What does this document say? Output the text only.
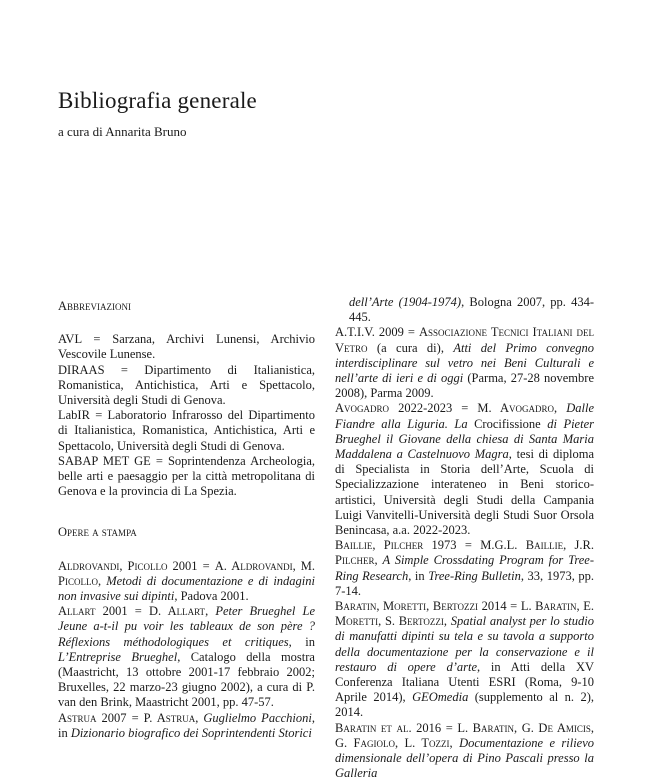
Bibliografia generale
a cura di Annarita Bruno
Abbreviazioni

AVL = Sarzana, Archivi Lunensi, Archivio Vescovile Lunense.

DIRAAS = Dipartimento di Italianistica, Romanistica, Antichistica, Arti e Spettacolo, Università degli Studi di Genova.

LabIR = Laboratorio Infrarosso del Dipartimento di Italianistica, Romanistica, Antichistica, Arti e Spettacolo, Università degli Studi di Genova.

SABAP MET GE = Soprintendenza Archeologia, belle arti e paesaggio per la città metropolitana di Genova e la provincia di La Spezia.

Opere a stampa

Aldrovandi, Picollo 2001 = A. Aldrovandi, M. Picollo, Metodi di documentazione e di indagini non invasive sui dipinti, Padova 2001.

Allart 2001 = D. Allart, Peter Brueghel Le Jeune a-t-il pu voir les tableaux de son père ? Réflexions méthodologiques et critiques, in L’Entreprise Brueghel, Catalogo della mostra (Maastricht, 13 ottobre 2001-17 febbraio 2002; Bruxelles, 22 marzo-23 giugno 2002), a cura di P. van den Brink, Maastricht 2001, pp. 47-57.

Astrua 2007 = P. Astrua, Guglielmo Pacchioni, in Dizionario biografico dei Soprintendenti Storici

dell’Arte (1904-1974), Bologna 2007, pp. 434-445.

A.T.I.V. 2009 = Associazione Tecnici Italiani del Vetro (a cura di), Atti del Primo convegno interdisciplinare sul vetro nei Beni Culturali e nell’arte di ieri e di oggi (Parma, 27-28 novembre 2008), Parma 2009.

Avogadro 2022-2023 = M. Avogadro, Dalle Fiandre alla Liguria. La Crocifissione di Pieter Brueghel il Giovane della chiesa di Santa Maria Maddalena a Castelnuovo Magra, tesi di diploma di Specialista in Storia dell’Arte, Scuola di Specializzazione interateneo in Beni storico-artistici, Università degli Studi della Campania Luigi Vanvitelli-Università degli Studi Suor Orsola Benincasa, a.a. 2022-2023.

Baillie, Pilcher 1973 = M.G.L. Baillie, J.R. Pilcher, A Simple Crossdating Program for Tree-Ring Research, in Tree-Ring Bulletin, 33, 1973, pp. 7-14.

Baratin, Moretti, Bertozzi 2014 = L. Baratin, E. Moretti, S. Bertozzi, Spatial analyst per lo studio di manufatti dipinti su tela e su tavola a supporto della documentazione per la conservazione e il restauro di opere d’arte, in Atti della XV Conferenza Italiana Utenti ESRI (Roma, 9-10 Aprile 2014), GEOmedia (supplemento al n. 2), 2014.

Baratin et al. 2016 = L. Baratin, G. De Amicis, G. Fagiolo, L. Tozzi, Documentazione e rilievo dimensionale dell’opera di Pino Pascali presso la Galleria
